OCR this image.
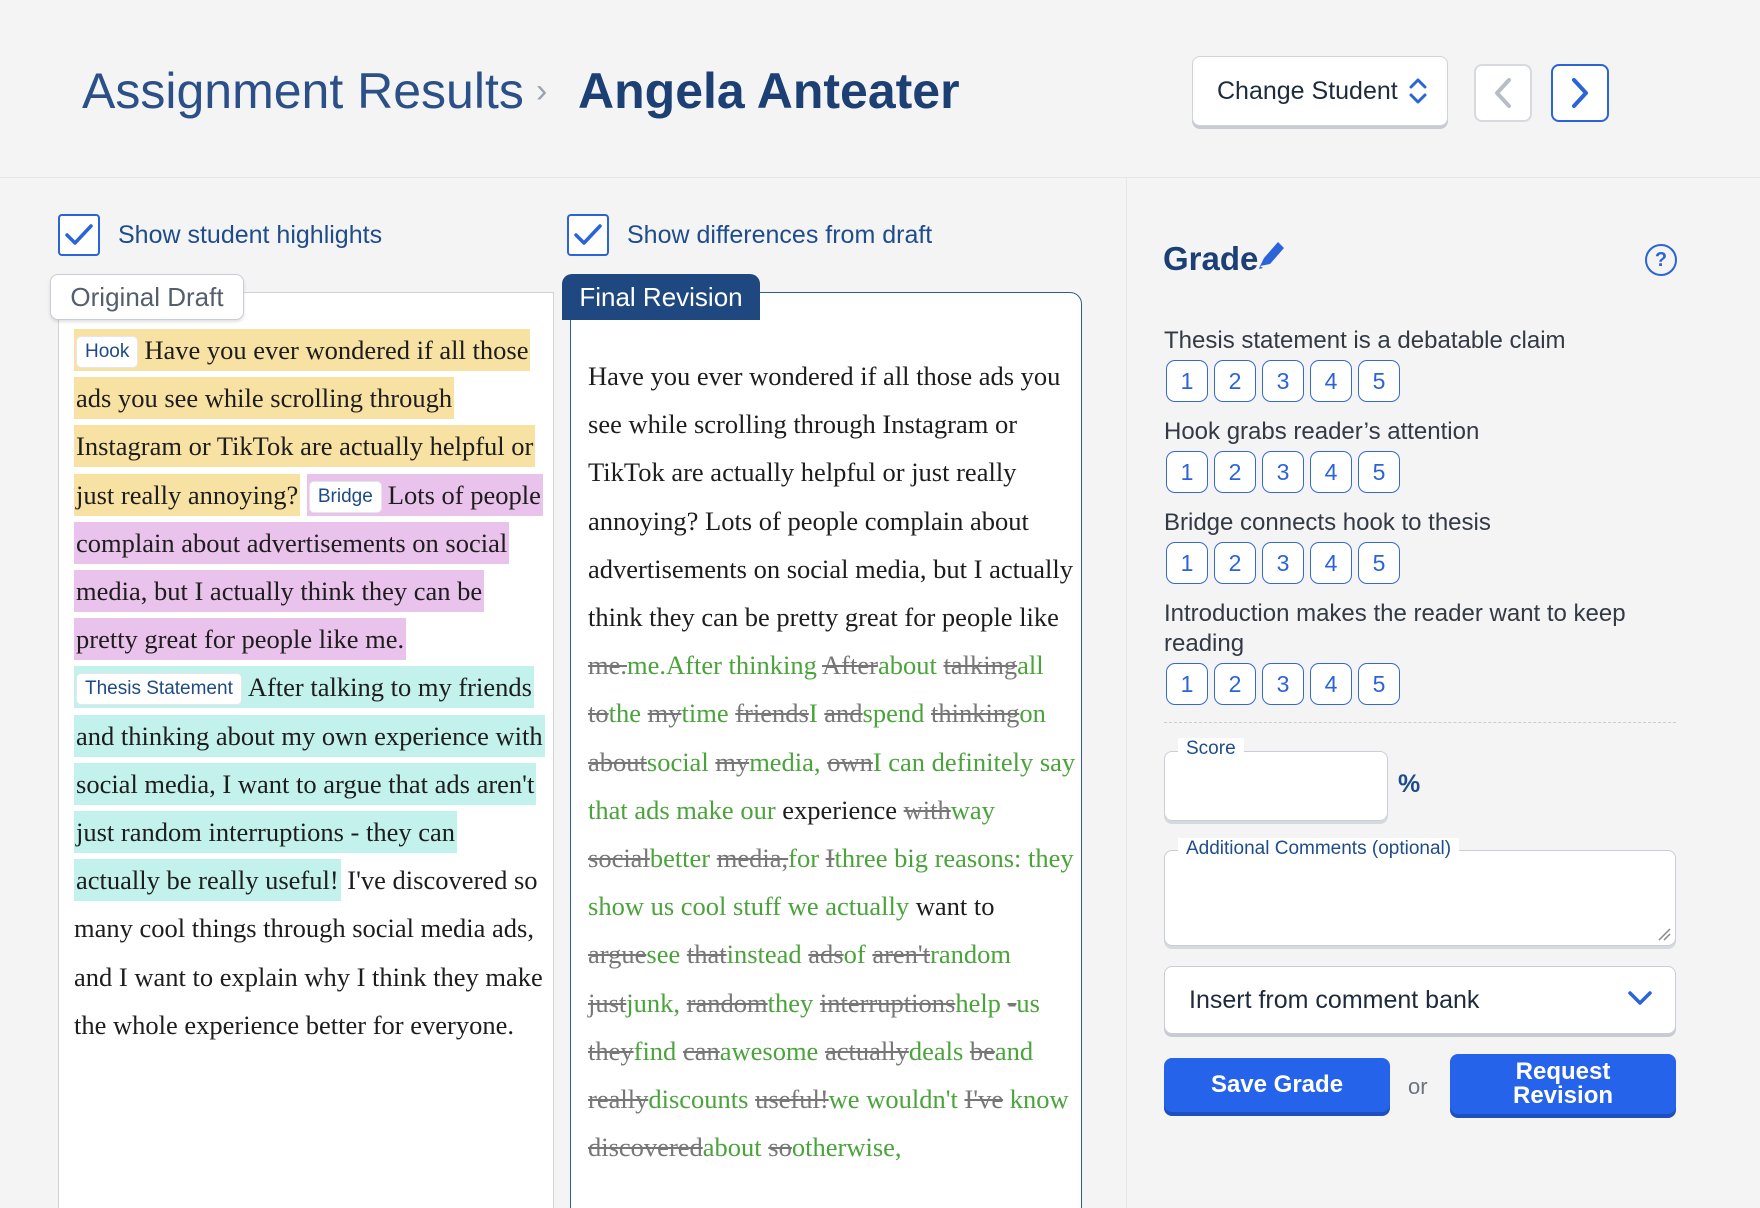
Assignment Results › Angela Anteater	Change Student
Show student highlights	Show differences from draft
Original Draft	Final Revision
Hook Have you ever wondered if all those ads you see while scrolling through Instagram or TikTok are actually helpful or just really annoying? Bridge Lots of people complain about advertisements on social media, but I actually think they can be pretty great for people like me. Thesis Statement After talking to my friends and thinking about my own experience with social media, I want to argue that ads aren't just random interruptions - they can actually be really useful! I've discovered so many cool things through social media ads, and I want to explain why I think they make the whole experience better for everyone.
Have you ever wondered if all those ads you see while scrolling through Instagram or TikTok are actually helpful or just really annoying? Lots of people complain about advertisements on social media, but I actually think they can be pretty great for people like me.me.After thinking Afterabout talkingall tothe mytime friendsI andspend thinkingon aboutsocial mymedia, ownI can definitely say that ads make our experience withway socialbetter media,for Ithree big reasons: they show us cool stuff we actually want to arguesee thatinstead adsof aren'trandom justjunk, randomthey interruptionshelp -us theyfind canawesome actuallydeals beand reallydiscounts useful!we wouldn't I've know discoveredabout sootherwise,
Grade	?
Thesis statement is a debatable claim
1	2	3	4	5
Hook grabs reader’s attention
1	2	3	4	5
Bridge connects hook to thesis
1	2	3	4	5
Introduction makes the reader want to keep reading
1	2	3	4	5
Score
%
Additional Comments (optional)
Insert from comment bank
Save Grade	or
Request Revision
